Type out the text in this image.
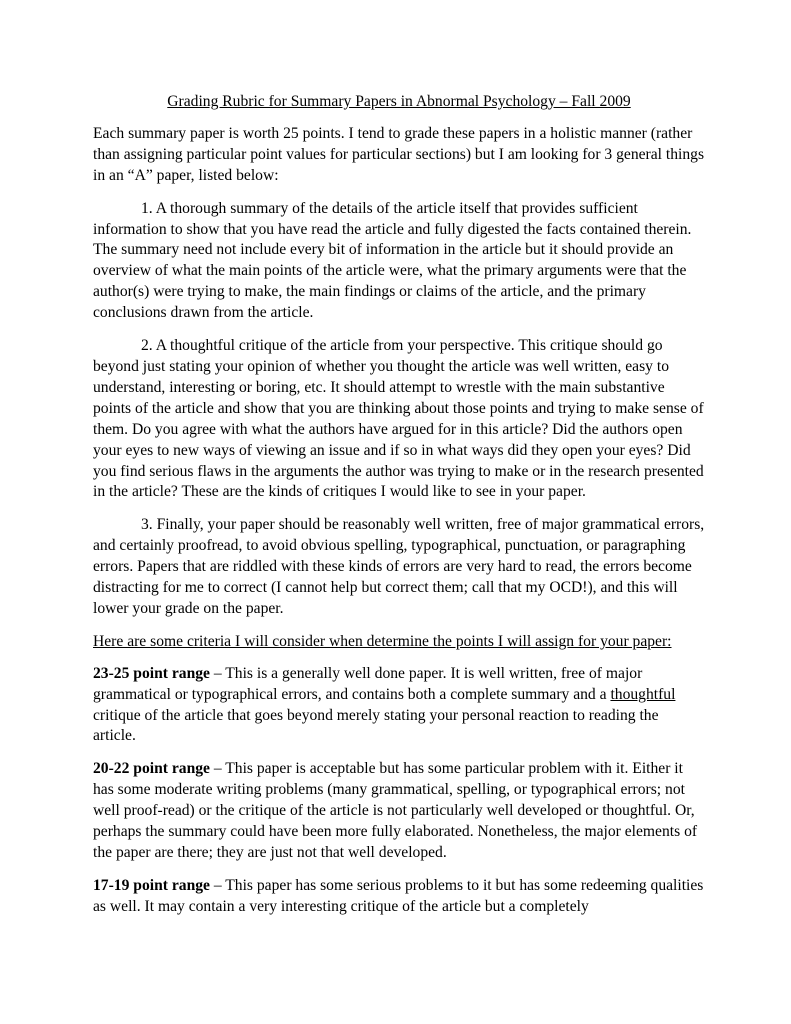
Grading Rubric for Summary Papers in Abnormal Psychology – Fall 2009

Each summary paper is worth 25 points. I tend to grade these papers in a holistic manner (rather than assigning particular point values for particular sections) but I am looking for 3 general things in an “A” paper, listed below:

1. A thorough summary of the details of the article itself that provides sufficient information to show that you have read the article and fully digested the facts contained therein. The summary need not include every bit of information in the article but it should provide an overview of what the main points of the article were, what the primary arguments were that the author(s) were trying to make, the main findings or claims of the article, and the primary conclusions drawn from the article.

2. A thoughtful critique of the article from your perspective. This critique should go beyond just stating your opinion of whether you thought the article was well written, easy to understand, interesting or boring, etc. It should attempt to wrestle with the main substantive points of the article and show that you are thinking about those points and trying to make sense of them. Do you agree with what the authors have argued for in this article? Did the authors open your eyes to new ways of viewing an issue and if so in what ways did they open your eyes? Did you find serious flaws in the arguments the author was trying to make or in the research presented in the article? These are the kinds of critiques I would like to see in your paper.

3. Finally, your paper should be reasonably well written, free of major grammatical errors, and certainly proofread, to avoid obvious spelling, typographical, punctuation, or paragraphing errors. Papers that are riddled with these kinds of errors are very hard to read, the errors become distracting for me to correct (I cannot help but correct them; call that my OCD!), and this will lower your grade on the paper.

Here are some criteria I will consider when determine the points I will assign for your paper:

23-25 point range – This is a generally well done paper. It is well written, free of major grammatical or typographical errors, and contains both a complete summary and a thoughtful critique of the article that goes beyond merely stating your personal reaction to reading the article.

20-22 point range – This paper is acceptable but has some particular problem with it. Either it has some moderate writing problems (many grammatical, spelling, or typographical errors; not well proof-read) or the critique of the article is not particularly well developed or thoughtful. Or, perhaps the summary could have been more fully elaborated. Nonetheless, the major elements of the paper are there; they are just not that well developed.

17-19 point range – This paper has some serious problems to it but has some redeeming qualities as well. It may contain a very interesting critique of the article but a completely
